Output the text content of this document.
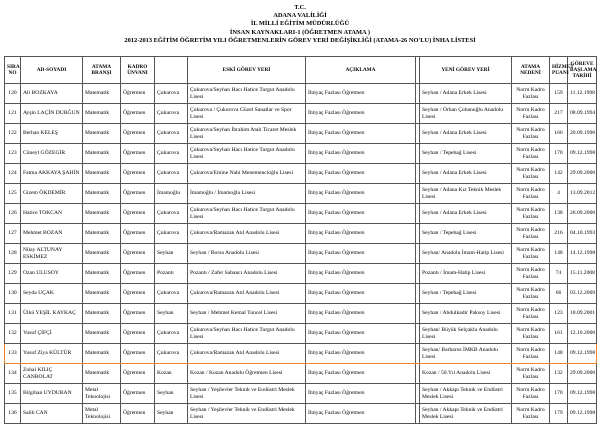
T.C.
ADANA VALİLİĞİ
İL MİLLİ EĞİTİM MÜDÜRLÜĞÜ
İNSAN KAYNAKLARI-1 (ÖĞRETMEN ATAMA )
2012-2013 EĞİTİM ÖĞRETİM YILI ÖĞRETMENLERİN GÖREV YERİ DEĞİŞİKLİĞİ (ATAMA-26 NO'LU) İNHA LİSTESİ
SIRA NO	AD-SOYADI	ATAMA BRANŞI	KADRO ÜNVANI		ESKİ GÖREV YERİ	AÇIKLAMA		YENİ GÖREV YERİ	ATAMA NEDENİ	HİZMET PUANI	GÖREVE BAŞLAMA TARİHİ
120	Ali BOZKAYA	Matematik	Öğretmen	Çukurova	Çukurova/Seyhan Hacı Hatice Turgut Anadolu Lisesi	İhtiyaç Fazlası Öğretmen		Seyhan / Adana Erkek Lisesi	Norm Kadro Fazlası	159	11.12.1998
121	Ayşin LAÇİN DURĞUN	Matematik	Öğretmen	Çukurova	Çukurova / Çukurova Güzel Sanatlar ve Spor Lisesi	İhtiyaç Fazlası Öğretmen		Seyhan / Orhan Çobanoğlu Anadolu Lisesi	Norm Kadro Fazlası	217	08.09.1994
122	Berhan KELEŞ	Matematik	Öğretmen	Çukurova	Çukurova/Seyhan İbrahim Atalı Ticaret Meslek Lisesi	İhtiyaç Fazlası Öğretmen		Seyhan / Adana Erkek Lisesi	Norm Kadro Fazlası	166	20.09.1996
123	Cüneyt GÖZEGİR	Matematik	Öğretmen	Çukurova	Çukurova/Seyhan Hacı Hatice Turgut Anadolu Lisesi	İhtiyaç Fazlası Öğretmen		Seyhan / Tepebağ Lisesi	Norm Kadro Fazlası	170	09.12.1998
124	Fatma AKKAYA ŞAHİN	Matematik	Öğretmen	Çukurova	Çukurova/Emine Nabi Menemencioğlu Lisesi	İhtiyaç Fazlası Öğretmen		Seyhan / Adana Erkek Lisesi	Norm Kadro Fazlası	142	29.09.2000
125	Gizem ÖKDEMİR	Matematik	Öğretmen	İmamoğlu	İmamoğlu / İmamoğlu Lisesi	İhtiyaç Fazlası Öğretmen		Seyhan / Adana Kız Teknik Meslek Lisesi	Norm Kadro Fazlası	4	13.09.2012
126	Hatice TOKCAN	Matematik	Öğretmen	Çukurova	Çukurova/Seyhan Hacı Hatice Turgut Anadolu Lisesi	İhtiyaç Fazlası Öğretmen		Seyhan / Adana Erkek Lisesi	Norm Kadro Fazlası	138	26.09.2000
127	Mehmet BOZAN	Matematik	Öğretmen	Çukurova	Çukurova/Ramazan Atıl Anadolu Lisesi	İhtiyaç Fazlası Öğretmen		Seyhan / Tepebağ Lisesi	Norm Kadro Fazlası	216	04.10.1993
128	Nilay ALTUNAY ESKİMEZ	Matematik	Öğretmen	Seyhan	Seyhan / Borsa Anadolu Lisesi	İhtiyaç Fazlası Öğretmen		Seyhan/ Anadolu İmam-Hatip Lisesi	Norm Kadro Fazlası	148	14.12.1998
129	Ozan ULUSOY	Matematik	Öğretmen	Pozantı	Pozantı / Zafer Sabancı Anadolu Lisesi	İhtiyaç Fazlası Öğretmen		Pozantı / İmam-Hatip Lisesi	Norm Kadro Fazlası	74	15.11.2008
130	Seyda UÇAK	Matematik	Öğretmen	Çukurova	Çukurova/Ramazan Atıl Anadolu Lisesi	İhtiyaç Fazlası Öğretmen		Seyhan / Tepebağ Lisesi	Norm Kadro Fazlası	66	03.12.2009
131	Ülkü YEŞİL KAYKAÇ	Matematik	Öğretmen	Seyhan	Seyhan / Mehmet Kemal Tuncel Lisesi	İhtiyaç Fazlası Öğretmen		Seyhan / Abdulkadir Paksoy Lisesi	Norm Kadro Fazlası	123	18.09.2001
132	Yusuf ÇİFÇİ	Matematik	Öğretmen	Çukurova	Çukurova/Seyhan Hacı Hatice Turgut Anadolu Lisesi	İhtiyaç Fazlası Öğretmen		Seyhan/ Büyük Selçuklu Anadolu Lisesi	Norm Kadro Fazlası	161	12.10.2000
133	Yusuf Ziya KÜLTÜR	Matematik	Öğretmen	Çukurova	Çukurova/Ramazan Atıl Anadolu Lisesi	İhtiyaç Fazlası Öğretmen		Seyhan/ Barbaros İMKB Anadolu Lisesi	Norm Kadro Fazlası	148	09.12.1998
134	Zuhal KILIÇ CANBOLAT	Matematik	Öğretmen	Kozan	Kozan / Kozan Anadolu Öğretmen Lisesi	İhtiyaç Fazlası Öğretmen		Kozan / 50.Yıl Anadolu Lisesi	Norm Kadro Fazlası	132	29.09.2000
135	Bilgihan UYDURAN	Metal Teknolojisi	Öğretmen	Seyhan	Seyhan / Yeşilevler Teknik ve Endüstri Meslek Lisesi	İhtiyaç Fazlası Öğretmen		Seyhan / Akkapı Teknik ve Endüstri Meslek Lisesi	Norm Kadro Fazlası	170	09.12.1998
136	Salih CAN	Metal Teknolojisi	Öğretmen	Seyhan	Seyhan / Yeşilevler Teknik ve Endüstri Meslek Lisesi	İhtiyaç Fazlası Öğretmen		Seyhan / Akkapı Teknik ve Endüstri Meslek Lisesi	Norm Kadro Fazlası	179	09.12.1998
